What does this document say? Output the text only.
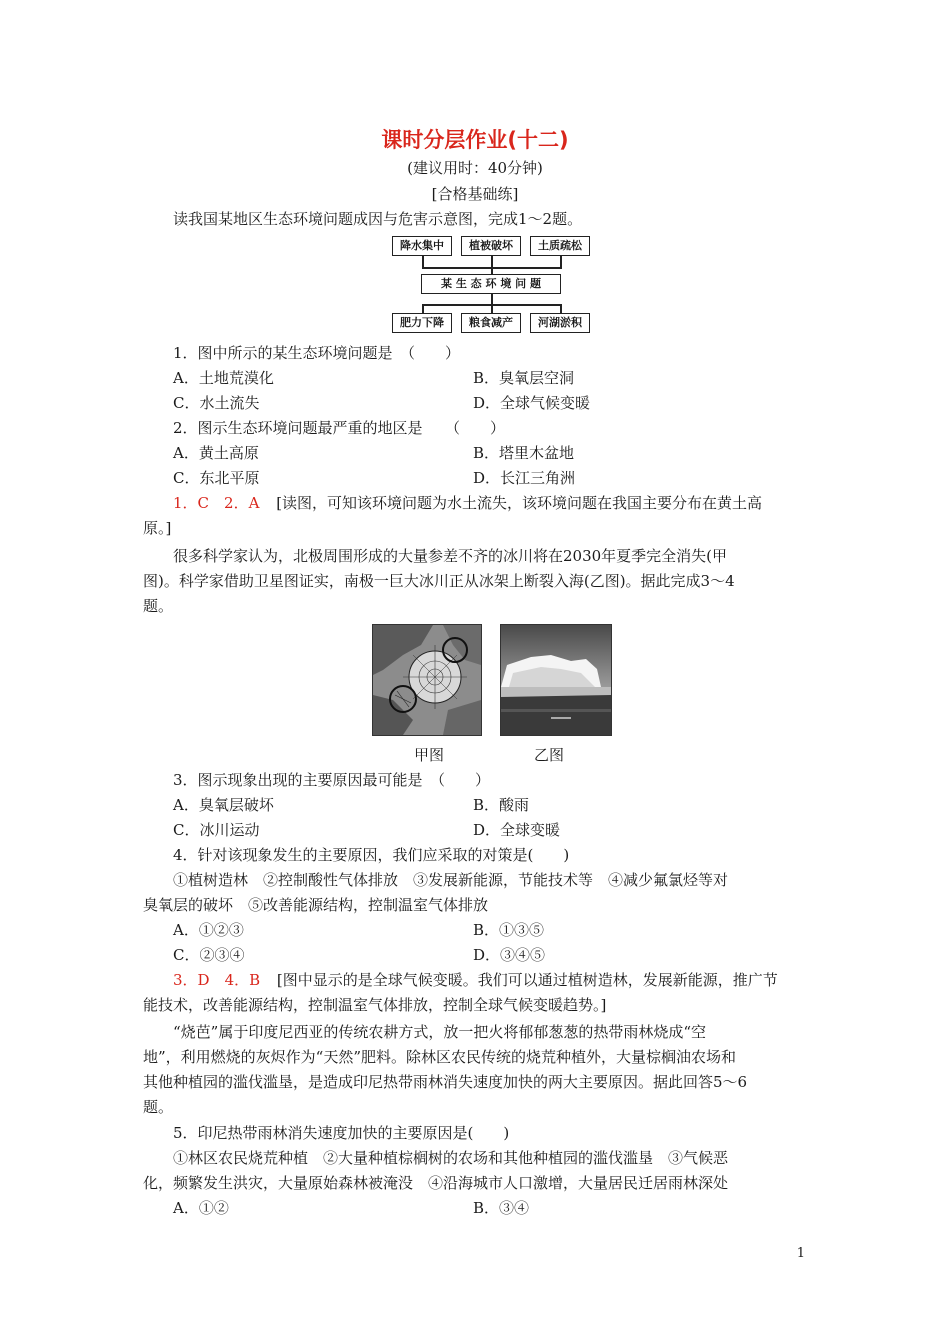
课时分层作业(十二)
(建议用时：40分钟)
[合格基础练]
读我国某地区生态环境问题成因与危害示意图，完成1～2题。
降水集中	植被破坏	土质疏松
某 生 态 环 境 问 题
肥力下降	粮食减产	河湖淤积
1．图中所示的某生态环境问题是　（　　）
A．土地荒漠化	B．臭氧层空洞
C．水土流失	D．全球气候变暖
2．图示生态环境问题最严重的地区是　　（　　）
A．黄土高原	B．塔里木盆地
C．东北平原	D．长江三角洲
1．C　2．A [读图，可知该环境问题为水土流失，该环境问题在我国主要分布在黄土高
原。]
很多科学家认为，北极周围形成的大量参差不齐的冰川将在2030年夏季完全消失(甲
图)。科学家借助卫星图证实，南极一巨大冰川正从冰架上断裂入海(乙图)。据此完成3～4
题。
甲图	乙图
3．图示现象出现的主要原因最可能是　（　　）
A．臭氧层破坏	B．酸雨
C．冰川运动	D．全球变暖
4．针对该现象发生的主要原因，我们应采取的对策是(　　)
①植树造林　②控制酸性气体排放　③发展新能源，节能技术等　④减少氟氯烃等对
臭氧层的破坏　⑤改善能源结构，控制温室气体排放
A．①②③	B．①③⑤
C．②③④	D．③④⑤
3．D　4．B [图中显示的是全球气候变暖。我们可以通过植树造林，发展新能源，推广节
能技术，改善能源结构，控制温室气体排放，控制全球气候变暖趋势。]
“烧芭”属于印度尼西亚的传统农耕方式，放一把火将郁郁葱葱的热带雨林烧成“空
地”，利用燃烧的灰烬作为“天然”肥料。除林区农民传统的烧荒种植外，大量棕榈油农场和
其他种植园的滥伐滥垦，是造成印尼热带雨林消失速度加快的两大主要原因。据此回答5～6
题。
5．印尼热带雨林消失速度加快的主要原因是(　　)
①林区农民烧荒种植　②大量种植棕榈树的农场和其他种植园的滥伐滥垦　③气候恶
化，频繁发生洪灾，大量原始森林被淹没　④沿海城市人口激增，大量居民迁居雨林深处
A．①②	B．③④
1
